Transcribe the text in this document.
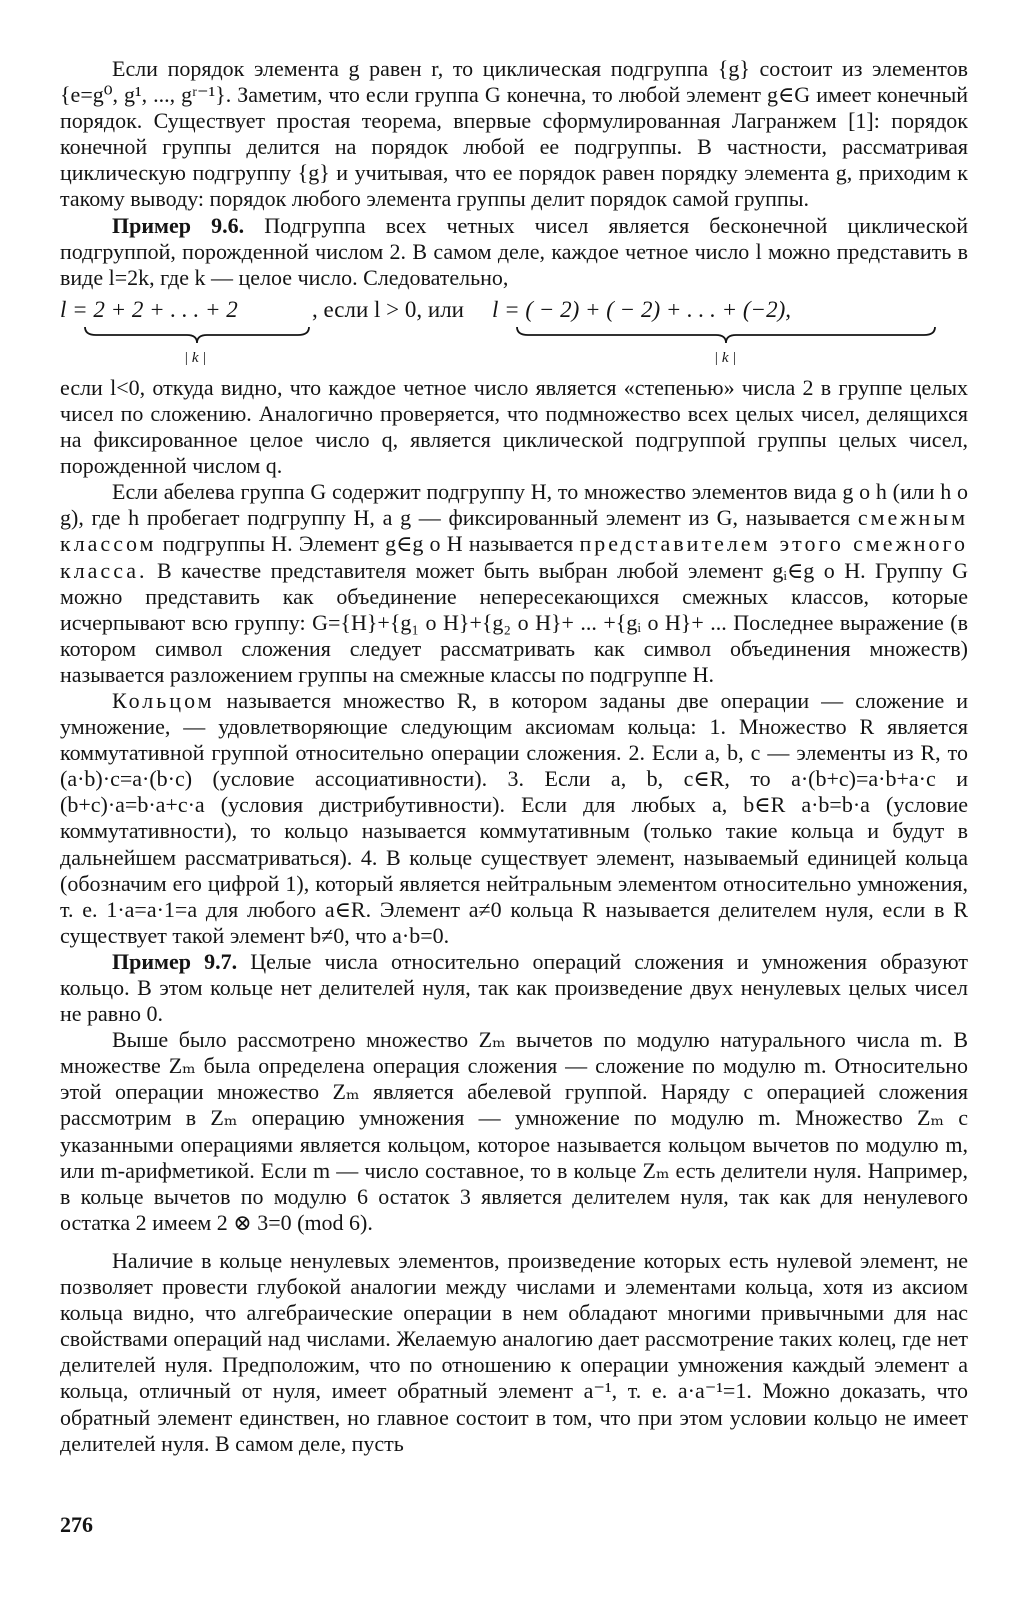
Если порядок элемента g равен r, то циклическая подгруппа {g} состоит из элементов {e=g⁰, g¹, ..., gʳ⁻¹}. Заметим, что если группа G конечна, то любой элемент g∈G имеет конечный порядок. Существует простая теорема, впервые сформулированная Лагранжем [1]: порядок конечной группы делится на порядок любой ее подгруппы. В частности, рассматривая циклическую подгруппу {g} и учитывая, что ее порядок равен порядку элемента g, приходим к такому выводу: порядок любого элемента группы делит порядок самой группы.

Пример 9.6. Подгруппа всех четных чисел является бесконечной циклической подгруппой, порожденной числом 2. В самом деле, каждое четное число l можно представить в виде l=2k, где k — целое число. Следовательно,

l = 2 + 2 + . . . + 2
| k |
, если l > 0, или l = ( − 2) + ( − 2) + . . . + (−2),
| k |

если l<0, откуда видно, что каждое четное число является «степенью» числа 2 в группе целых чисел по сложению. Аналогично проверяется, что подмножество всех целых чисел, делящихся на фиксированное целое число q, является циклической подгруппой группы целых чисел, порожденной числом q.

Если абелева группа G содержит подгруппу H, то множество элементов вида g o h (или h o g), где h пробегает подгруппу H, а g — фиксированный элемент из G, называется смежным классом подгруппы H. Элемент g∈g o H называется представителем этого смежного класса. В качестве представителя может быть выбран любой элемент gᵢ∈g o H. Группу G можно представить как объединение непересекающихся смежных классов, которые исчерпывают всю группу: G={H}+{g₁ o H}+{g₂ o H}+ ... +{gᵢ o H}+ ... Последнее выражение (в котором символ сложения следует рассматривать как символ объединения множеств) называется разложением группы на смежные классы по подгруппе H.

Кольцом называется множество R, в котором заданы две операции — сложение и умножение, — удовлетворяющие следующим аксиомам кольца: 1. Множество R является коммутативной группой относительно операции сложения. 2. Если a, b, c — элементы из R, то (a·b)·c=a·(b·c) (условие ассоциативности). 3. Если a, b, c∈R, то a·(b+c)=a·b+a·c и (b+c)·a=b·a+c·a (условия дистрибутивности). Если для любых a, b∈R a·b=b·a (условие коммутативности), то кольцо называется коммутативным (только такие кольца и будут в дальнейшем рассматриваться). 4. В кольце существует элемент, называемый единицей кольца (обозначим его цифрой 1), который является нейтральным элементом относительно умножения, т. е. 1·a=a·1=a для любого a∈R. Элемент a≠0 кольца R называется делителем нуля, если в R существует такой элемент b≠0, что a·b=0.

Пример 9.7. Целые числа относительно операций сложения и умножения образуют кольцо. В этом кольце нет делителей нуля, так как произведение двух ненулевых целых чисел не равно 0.

Выше было рассмотрено множество Zₘ вычетов по модулю натурального числа m. В множестве Zₘ была определена операция сложения — сложение по модулю m. Относительно этой операции множество Zₘ является абелевой группой. Наряду с операцией сложения рассмотрим в Zₘ операцию умножения — умножение по модулю m. Множество Zₘ с указанными операциями является кольцом, которое называется кольцом вычетов по модулю m, или m-арифметикой. Если m — число составное, то в кольце Zₘ есть делители нуля. Например, в кольце вычетов по модулю 6 остаток 3 является делителем нуля, так как для ненулевого остатка 2 имеем 2 ⊗ 3=0 (mod 6).

Наличие в кольце ненулевых элементов, произведение которых есть нулевой элемент, не позволяет провести глубокой аналогии между числами и элементами кольца, хотя из аксиом кольца видно, что алгебраические операции в нем обладают многими привычными для нас свойствами операций над числами. Желаемую аналогию дает рассмотрение таких колец, где нет делителей нуля. Предположим, что по отношению к операции умножения каждый элемент a кольца, отличный от нуля, имеет обратный элемент a⁻¹, т. е. a·a⁻¹=1. Можно доказать, что обратный элемент единствен, но главное состоит в том, что при этом условии кольцо не имеет делителей нуля. В самом деле, пусть

276
